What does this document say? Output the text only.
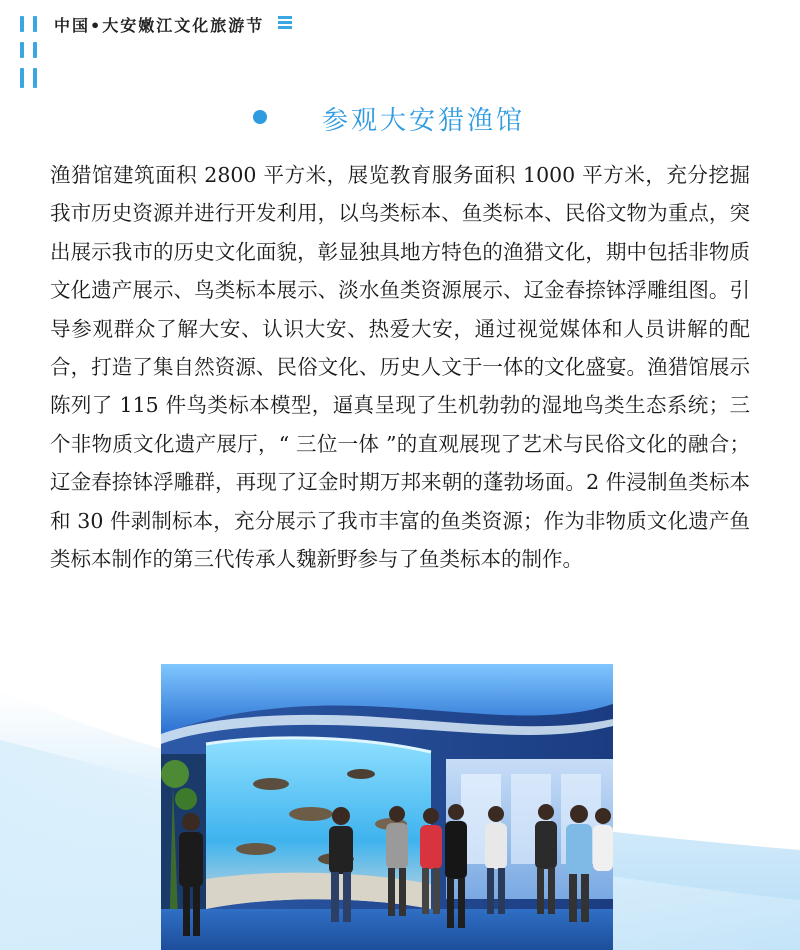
中国•大安嫩江文化旅游节
参观大安猎渔馆

渔猎馆建筑面积 2800 平方米，展览教育服务面积 1000 平方米，充分挖掘我市历史资源并进行开发利用，以鸟类标本、鱼类标本、民俗文物为重点，突出展示我市的历史文化面貌，彰显独具地方特色的渔猎文化，期中包括非物质文化遗产展示、鸟类标本展示、淡水鱼类资源展示、辽金春捺钵浮雕组图。引导参观群众了解大安、认识大安、热爱大安，通过视觉媒体和人员讲解的配合，打造了集自然资源、民俗文化、历史人文于一体的文化盛宴。渔猎馆展示陈列了 115 件鸟类标本模型，逼真呈现了生机勃勃的湿地鸟类生态系统；三个非物质文化遗产展厅，“ 三位一体 ”的直观展现了艺术与民俗文化的融合；辽金春捺钵浮雕群，再现了辽金时期万邦来朝的蓬勃场面。2 件浸制鱼类标本和 30 件剥制标本，充分展示了我市丰富的鱼类资源；作为非物质文化遗产鱼类标本制作的第三代传承人魏新野参与了鱼类标本的制作。
